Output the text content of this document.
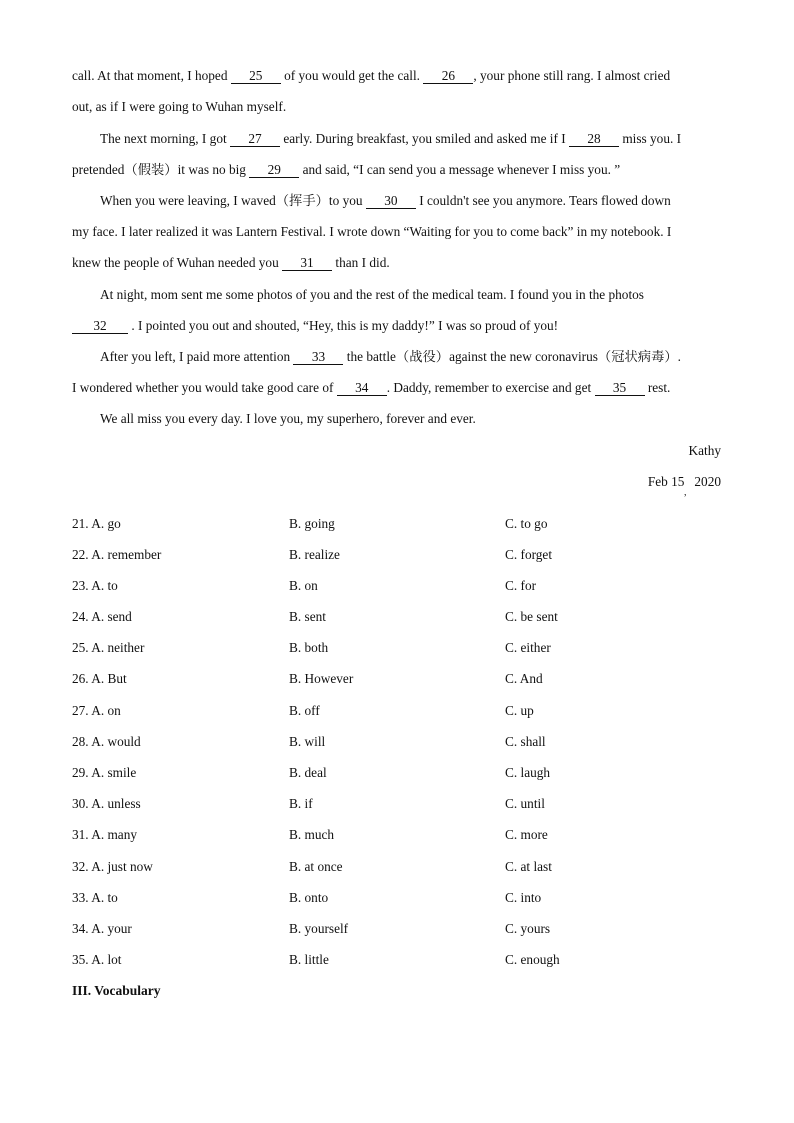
call. At that moment, I hoped 25 of you would get the call. 26 , your phone still rang. I almost cried
out, as if I were going to Wuhan myself.
The next morning, I got 27 early. During breakfast, you smiled and asked me if I 28 miss you. I
pretended（假装）it was no big 29 and said, “I can send you a message whenever I miss you. ”
When you were leaving, I waved（挥手）to you 30 I couldn't see you anymore. Tears flowed down
my face. I later realized it was Lantern Festival. I wrote down “Waiting for you to come back” in my notebook. I
knew the people of Wuhan needed you 31 than I did.
At night, mom sent me some photos of you and the rest of the medical team. I found you in the photos
32 . I pointed you out and shouted, “Hey, this is my daddy!” I was so proud of you!
After you left, I paid more attention 33 the battle（战役）against the new coronavirus（冠状病毒）.
I wondered whether you would take good care of 34 . Daddy, remember to exercise and get 35 rest.
We all miss you every day. I love you, my superhero, forever and ever.
Kathy
Feb 15   2020
,
21. A. go	B. going	C. to go
22. A. remember	B. realize	C. forget
23. A. to	B. on	C. for
24. A. send	B. sent	C. be sent
25. A. neither	B. both	C. either
26. A. But	B. However	C. And
27. A. on	B. off	C. up
28. A. would	B. will	C. shall
29. A. smile	B. deal	C. laugh
30. A. unless	B. if	C. until
31. A. many	B. much	C. more
32. A. just now	B. at once	C. at last
33. A. to	B. onto	C. into
34. A. your	B. yourself	C. yours
35. A. lot	B. little	C. enough
III. Vocabulary
